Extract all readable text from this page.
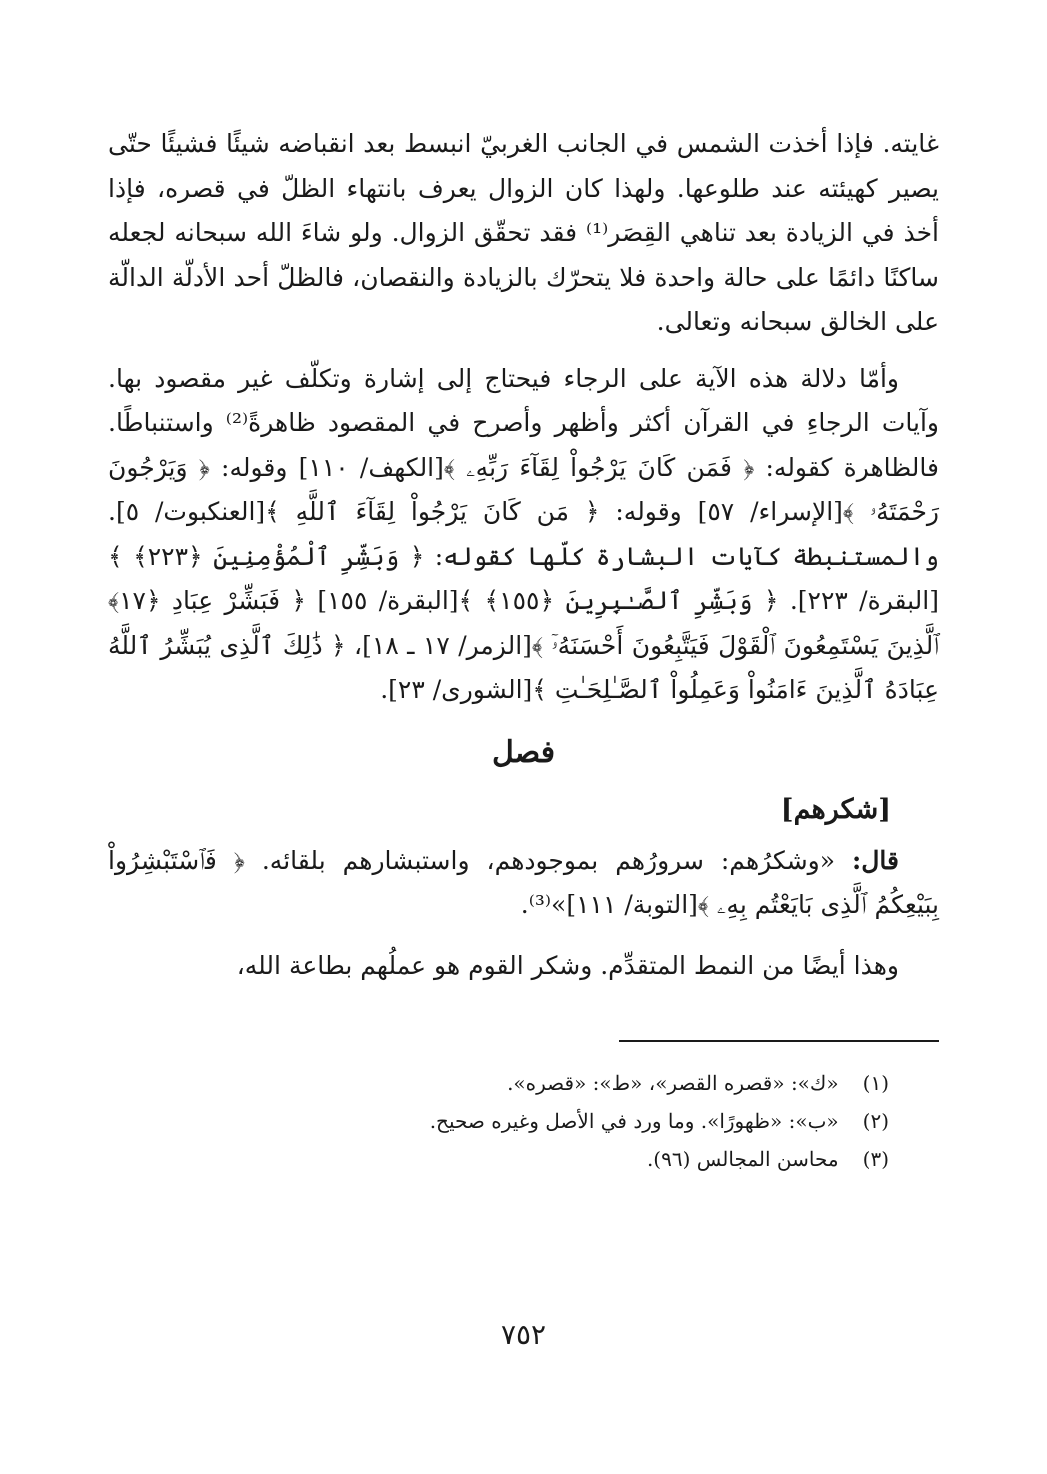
غايته. فإذا أخذت الشمس في الجانب الغربيّ انبسط بعد انقباضه شيئًا فشيئًا حتّى يصير كهيئته عند طلوعها. ولهذا كان الزوال يعرف بانتهاء الظلّ في قصره، فإذا أخذ في الزيادة بعد تناهي القِصَر⁽¹⁾ فقد تحقّق الزوال. ولو شاءَ الله سبحانه لجعله ساكنًا دائمًا على حالة واحدة فلا يتحرّك بالزيادة والنقصان، فالظلّ أحد الأدلّة الدالّة على الخالق سبحانه وتعالى.

وأمّا دلالة هذه الآية على الرجاء فيحتاج إلى إشارة وتكلّف غير مقصود بها. وآيات الرجاءِ في القرآن أكثر وأظهر وأصرح في المقصود ظاهرةً⁽²⁾ واستنباطًا. فالظاهرة كقوله: ﴿ فَمَن كَانَ يَرْجُواْ لِقَآءَ رَبِّهِۦ ﴾[الكهف/ ١١٠] وقوله: ﴿ وَيَرْجُونَ رَحْمَتَهُۥ ﴾[الإسراء/ ٥٧] وقوله: ﴿ مَن كَانَ يَرْجُواْ لِقَآءَ ٱللَّهِ ﴾[العنكبوت/ ٥]. والمستنبطة كآيات البشارة كلّها كقوله: ﴿ وَبَشِّرِ ٱلْمُؤْمِنِينَ ﴿٢٢٣﴾ ﴾[البقرة/ ٢٢٣]. ﴿ وَبَشِّرِ ٱلصَّـٰبِرِينَ ﴿١٥٥﴾ ﴾[البقرة/ ١٥٥] ﴿ فَبَشِّرْ عِبَادِ ﴿١٧﴾ ٱلَّذِينَ يَسْتَمِعُونَ ٱلْقَوْلَ فَيَتَّبِعُونَ أَحْسَنَهُۥٓ ﴾[الزمر/ ١٧ ـ ١٨]، ﴿ ذَٰلِكَ ٱلَّذِى يُبَشِّرُ ٱللَّهُ عِبَادَهُ ٱلَّذِينَ ءَامَنُواْ وَعَمِلُواْ ٱلصَّـٰلِحَـٰتِ ﴾[الشورى/ ٢٣].

فصل
[شكرهم]

قال: «وشكرُهم: سرورُهم بموجودهم، واستبشارهم بلقائه. ﴿ فَٱسْتَبْشِرُواْ بِبَيْعِكُمُ ٱلَّذِى بَايَعْتُم بِهِۦ ﴾[التوبة/ ١١١]»⁽³⁾.

وهذا أيضًا من النمط المتقدِّم. وشكر القوم هو عملُهم بطاعة الله،

(١) «ك»: «قصره القصر»، «ط»: «قصره».
(٢) «ب»: «ظهورًا». وما ورد في الأصل وغيره صحيح.
(٣) محاسن المجالس (٩٦).
٧٥٢
